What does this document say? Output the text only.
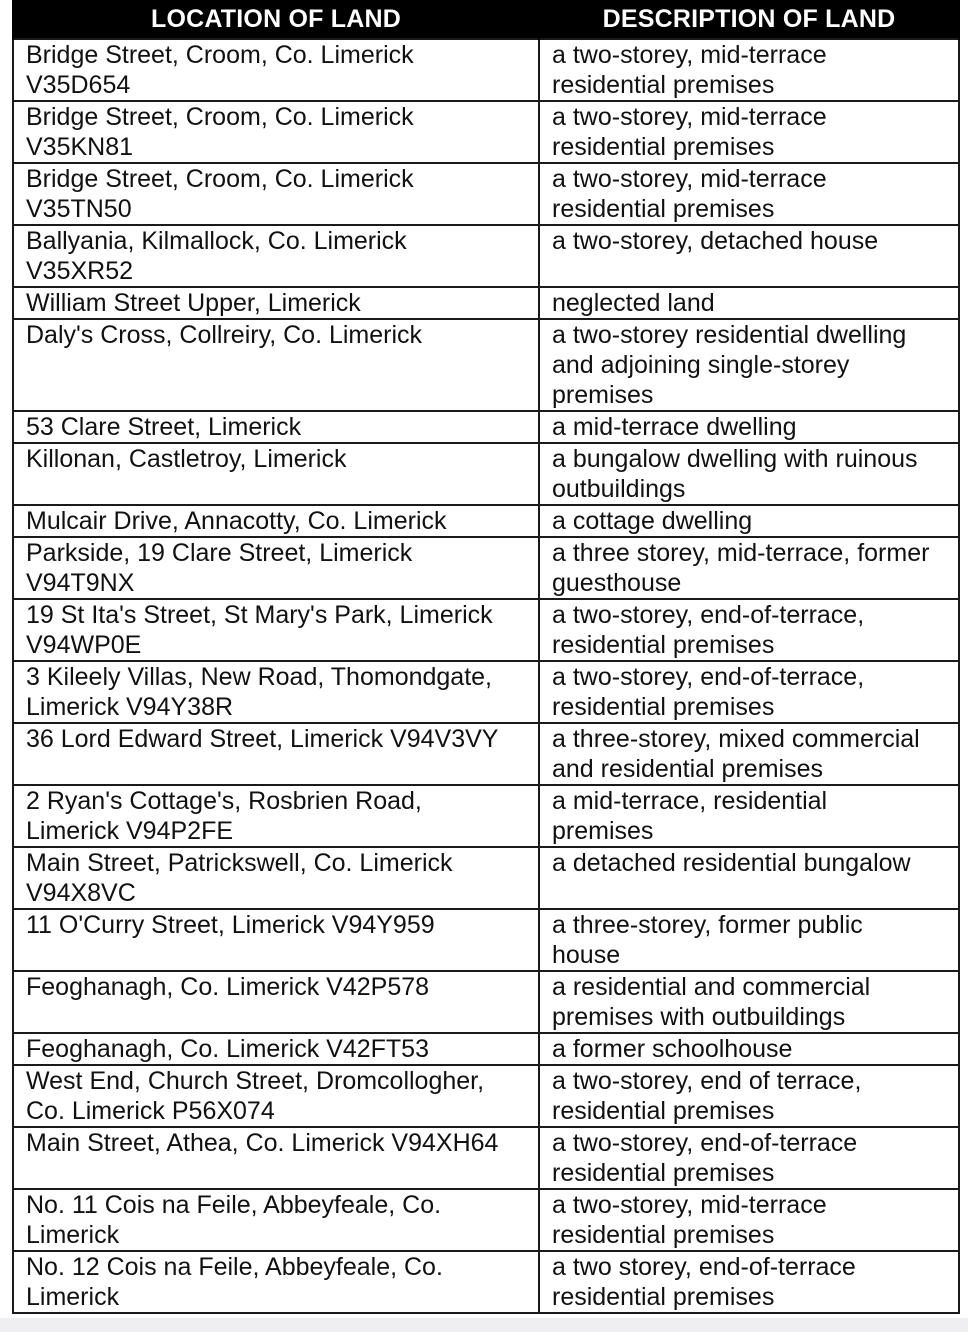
LOCATION OF LAND	DESCRIPTION OF LAND

Bridge Street, Croom, Co. Limerick
V35D654	a two-storey, mid-terrace
residential premises

Bridge Street, Croom, Co. Limerick
V35KN81	a two-storey, mid-terrace
residential premises

Bridge Street, Croom, Co. Limerick
V35TN50	a two-storey, mid-terrace
residential premises

Ballyania, Kilmallock, Co. Limerick
V35XR52	a two-storey, detached house

William Street Upper, Limerick	neglected land

Daly's Cross, Collreiry, Co. Limerick	a two-storey residential dwelling
and adjoining single-storey
premises

53 Clare Street, Limerick	a mid-terrace dwelling

Killonan, Castletroy, Limerick	a bungalow dwelling with ruinous
outbuildings

Mulcair Drive, Annacotty, Co. Limerick	a cottage dwelling

Parkside, 19 Clare Street, Limerick
V94T9NX	a three storey, mid-terrace, former
guesthouse

19 St Ita's Street, St Mary's Park, Limerick
V94WP0E	a two-storey, end-of-terrace,
residential premises

3 Kileely Villas, New Road, Thomondgate,
Limerick V94Y38R	a two-storey, end-of-terrace,
residential premises

36 Lord Edward Street, Limerick V94V3VY	a three-storey, mixed commercial
and residential premises

2 Ryan's Cottage's, Rosbrien Road,
Limerick V94P2FE	a mid-terrace, residential
premises

Main Street, Patrickswell, Co. Limerick
V94X8VC	a detached residential bungalow

11 O'Curry Street, Limerick V94Y959	a three-storey, former public
house

Feoghanagh, Co. Limerick V42P578	a residential and commercial
premises with outbuildings

Feoghanagh, Co. Limerick V42FT53	a former schoolhouse

West End, Church Street, Dromcollogher,
Co. Limerick P56X074	a two-storey, end of terrace,
residential premises

Main Street, Athea, Co. Limerick V94XH64	a two-storey, end-of-terrace
residential premises

No. 11 Cois na Feile, Abbeyfeale, Co.
Limerick	a two-storey, mid-terrace
residential premises

No. 12 Cois na Feile, Abbeyfeale, Co.
Limerick	a two storey, end-of-terrace
residential premises
